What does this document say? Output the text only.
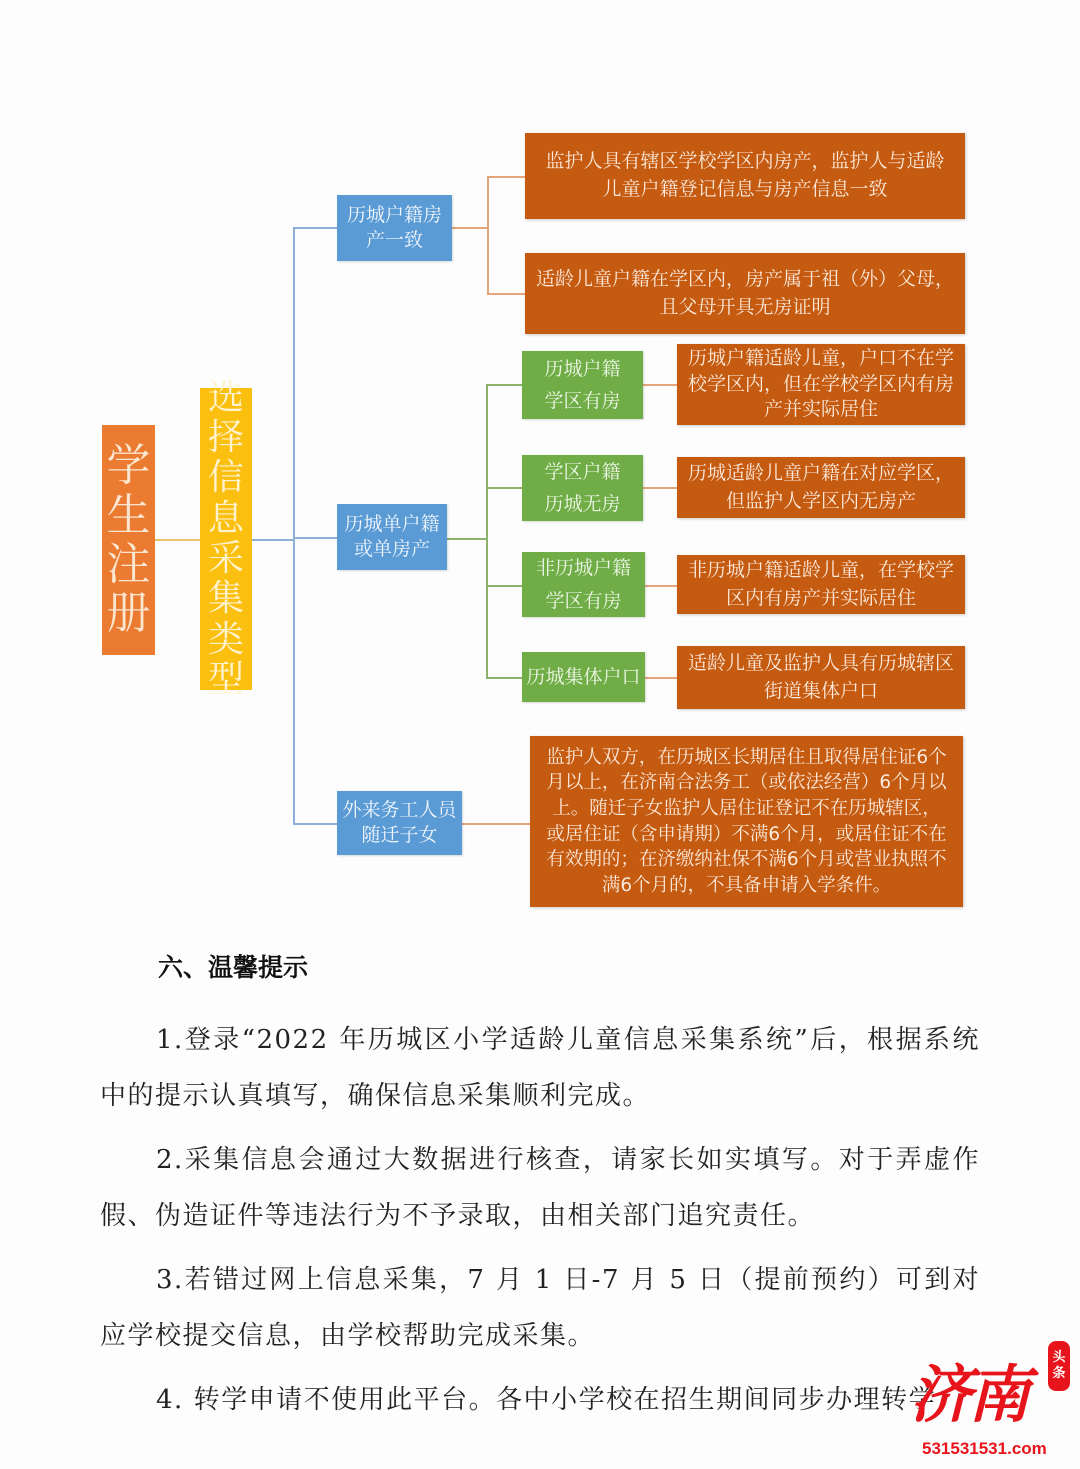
学
生
注
册
选
择
信
息
采
集
类
型
历城户籍房
产一致
监护人具有辖区学校学区内房产，监护人与适龄
儿童户籍登记信息与房产信息一致
适龄儿童户籍在学区内，房产属于祖（外）父母，
且父母开具无房证明
历城单户籍
或单房产
历城户籍
学区有房
历城户籍适龄儿童，户口不在学
校学区内，但在学校学区内有房
产并实际居住
学区户籍
历城无房
历城适龄儿童户籍在对应学区，
但监护人学区内无房产
非历城户籍
学区有房
非历城户籍适龄儿童，在学校学
区内有房产并实际居住
历城集体户口
适龄儿童及监护人具有历城辖区
街道集体户口
外来务工人员
随迁子女
监护人双方，在历城区长期居住且取得居住证6个
月以上，在济南合法务工（或依法经营）6个月以
上。随迁子女监护人居住证登记不在历城辖区，
或居住证（含申请期）不满6个月，或居住证不在
有效期的；在济缴纳社保不满6个月或营业执照不
满6个月的，不具备申请入学条件。
六、温馨提示

1.登录“2022 年历城区小学适龄儿童信息采集系统”后，根据系统中的提示认真填写，确保信息采集顺利完成。

2.采集信息会通过大数据进行核查，请家长如实填写。对于弄虚作假、伪造证件等违法行为不予录取，由相关部门追究责任。

3.若错过网上信息采集，7 月 1 日-7 月 5 日（提前预约）可到对应学校提交信息，由学校帮助完成采集。

4. 转学申请不使用此平台。各中小学校在招生期间同步办理转学

济南
头
条
531531531.com
